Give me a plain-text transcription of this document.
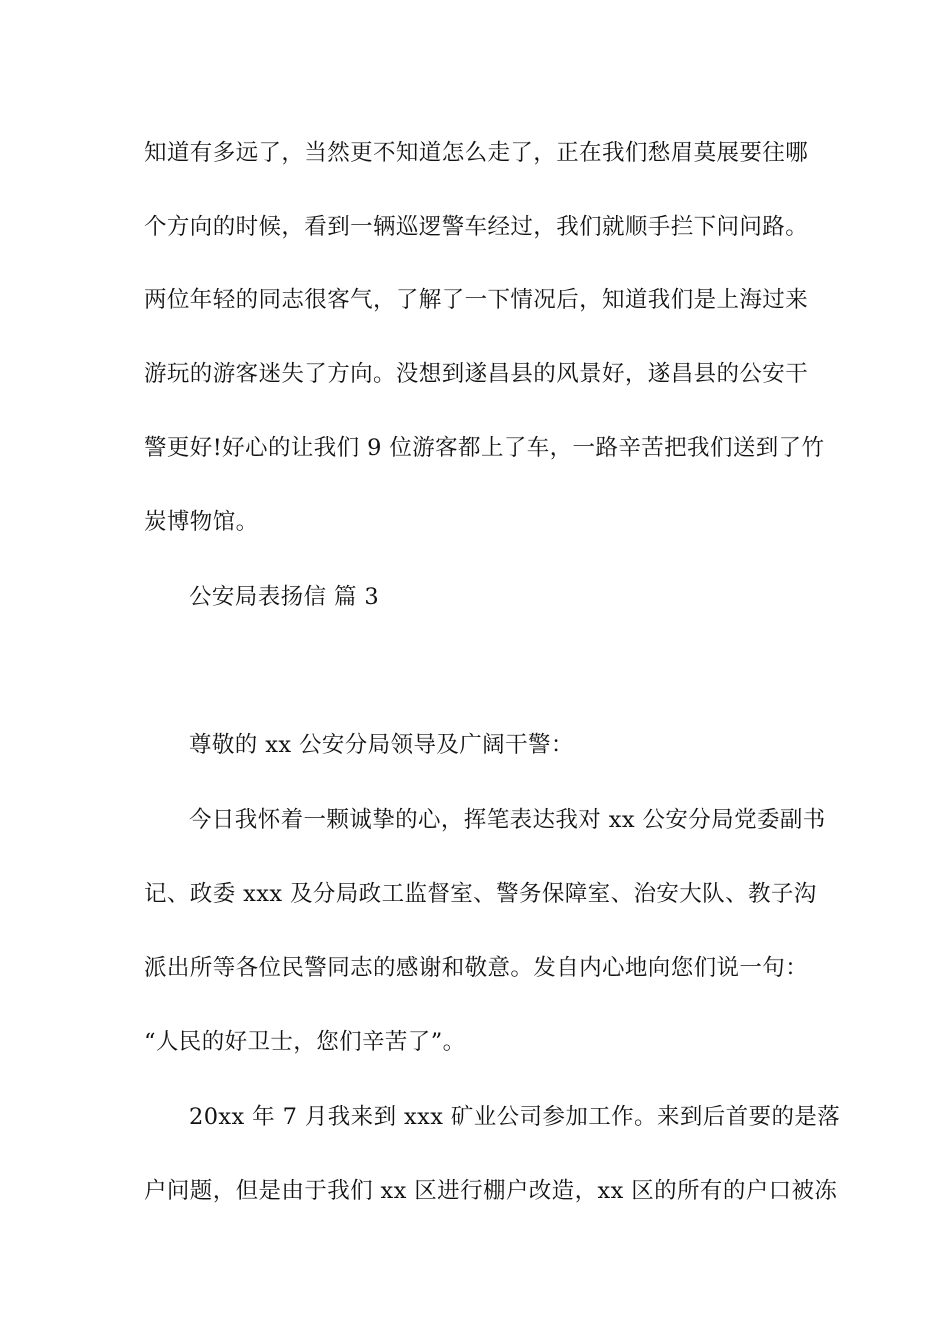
知道有多远了，当然更不知道怎么走了，正在我们愁眉莫展要往哪
个方向的时候，看到一辆巡逻警车经过，我们就顺手拦下问问路。
两位年轻的同志很客气，了解了一下情况后，知道我们是上海过来
游玩的游客迷失了方向。没想到遂昌县的风景好，遂昌县的公安干
警更好!好心的让我们 9 位游客都上了车，一路辛苦把我们送到了竹
炭博物馆。
公安局表扬信 篇 3
尊敬的 xx 公安分局领导及广阔干警：
今日我怀着一颗诚挚的心，挥笔表达我对 xx 公安分局党委副书
记、政委 xxx 及分局政工监督室、警务保障室、治安大队、教子沟
派出所等各位民警同志的感谢和敬意。发自内心地向您们说一句：
“人民的好卫士，您们辛苦了”。
20xx 年 7 月我来到 xxx 矿业公司参加工作。来到后首要的是落
户问题，但是由于我们 xx 区进行棚户改造，xx 区的所有的户口被冻
